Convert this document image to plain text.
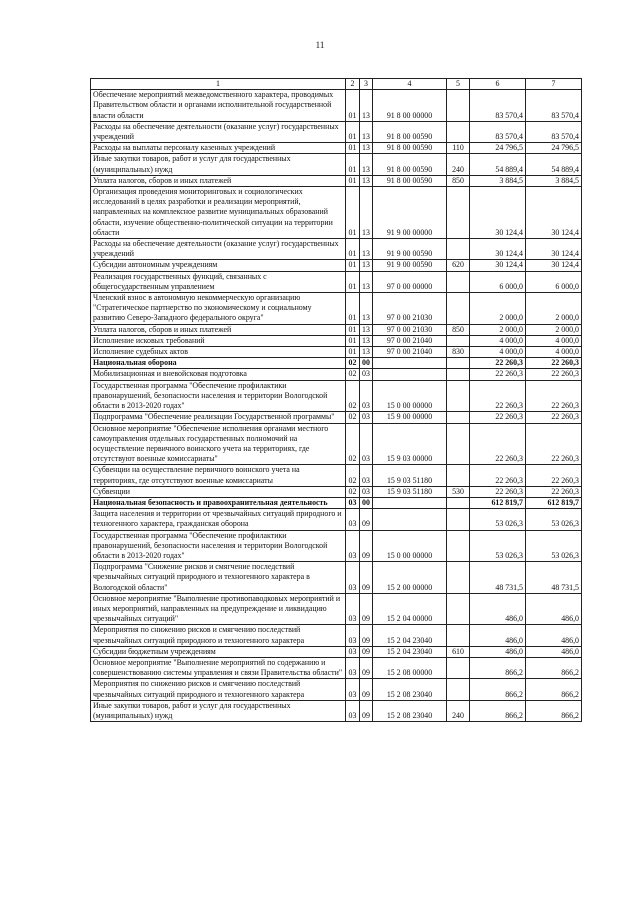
11
1	2	3	4	5	6	7
Обеспечение мероприятий межведомственного характера, проводимых Правительством области и органами исполнительной государственной власти области	01	13	91 8 00 00000		83 570,4	83 570,4
Расходы на обеспечение деятельности (оказание услуг) государственных учреждений	01	13	91 8 00 00590		83 570,4	83 570,4
Расходы на выплаты персоналу казенных учреждений	01	13	91 8 00 00590	110	24 796,5	24 796,5
Иные закупки товаров, работ и услуг для государственных (муниципальных) нужд	01	13	91 8 00 00590	240	54 889,4	54 889,4
Уплата налогов, сборов и иных платежей	01	13	91 8 00 00590	850	3 884,5	3 884,5
Организация проведения мониторинговых и социологических исследований в целях разработки и реализации мероприятий, направленных на комплексное развитие муниципальных образований области, изучение общественно-политической ситуации на территории области	01	13	91 9 00 00000		30 124,4	30 124,4
Расходы на обеспечение деятельности (оказание услуг) государственных учреждений	01	13	91 9 00 00590		30 124,4	30 124,4
Субсидии автономным учреждениям	01	13	91 9 00 00590	620	30 124,4	30 124,4
Реализация государственных функций, связанных с общегосударственным управлением	01	13	97 0 00 00000		6 000,0	6 000,0
Членский взнос в автономную некоммерческую организацию "Стратегическое партнерство по экономическому и социальному развитию Северо-Западного федерального округа"	01	13	97 0 00 21030		2 000,0	2 000,0
Уплата налогов, сборов и иных платежей	01	13	97 0 00 21030	850	2 000,0	2 000,0
Исполнение исковых требований	01	13	97 0 00 21040		4 000,0	4 000,0
Исполнение судебных актов	01	13	97 0 00 21040	830	4 000,0	4 000,0
Национальная оборона	02	00			22 260,3	22 260,3
Мобилизационная и вневойсковая подготовка	02	03			22 260,3	22 260,3
Государственная программа "Обеспечение профилактики правонарушений, безопасности населения и территории Вологодской области в 2013-2020 годах"	02	03	15 0 00 00000		22 260,3	22 260,3
Подпрограмма "Обеспечение реализации Государственной программы"	02	03	15 9 00 00000		22 260,3	22 260,3
Основное мероприятие "Обеспечение исполнения органами местного самоуправления отдельных государственных полномочий на осуществление первичного воинского учета на территориях, где отсутствуют военные комиссариаты"	02	03	15 9 03 00000		22 260,3	22 260,3
Субвенции на осуществление первичного воинского учета на территориях, где отсутствуют военные комиссариаты	02	03	15 9 03 51180		22 260,3	22 260,3
Субвенции	02	03	15 9 03 51180	530	22 260,3	22 260,3
Национальная безопасность и правоохранительная деятельность	03	00			612 819,7	612 819,7
Защита населения и территории от чрезвычайных ситуаций природного и техногенного характера, гражданская оборона	03	09			53 026,3	53 026,3
Государственная программа "Обеспечение профилактики правонарушений, безопасности населения и территории Вологодской области в 2013-2020 годах"	03	09	15 0 00 00000		53 026,3	53 026,3
Подпрограмма "Снижение рисков и смягчение последствий чрезвычайных ситуаций природного и техногенного характера в Вологодской области"	03	09	15 2 00 00000		48 731,5	48 731,5
Основное мероприятие "Выполнение противопаводковых мероприятий и иных мероприятий, направленных на предупреждение и ликвидацию чрезвычайных ситуаций"	03	09	15 2 04 00000		486,0	486,0
Мероприятия по снижению рисков и смягчению последствий чрезвычайных ситуаций природного и техногенного характера	03	09	15 2 04 23040		486,0	486,0
Субсидии бюджетным учреждениям	03	09	15 2 04 23040	610	486,0	486,0
Основное мероприятие "Выполнение мероприятий по содержанию и совершенствованию системы управления и связи Правительства области"	03	09	15 2 08 00000		866,2	866,2
Мероприятия по снижению рисков и смягчению последствий чрезвычайных ситуаций природного и техногенного характера	03	09	15 2 08 23040		866,2	866,2
Иные закупки товаров, работ и услуг для государственных (муниципальных) нужд	03	09	15 2 08 23040	240	866,2	866,2
